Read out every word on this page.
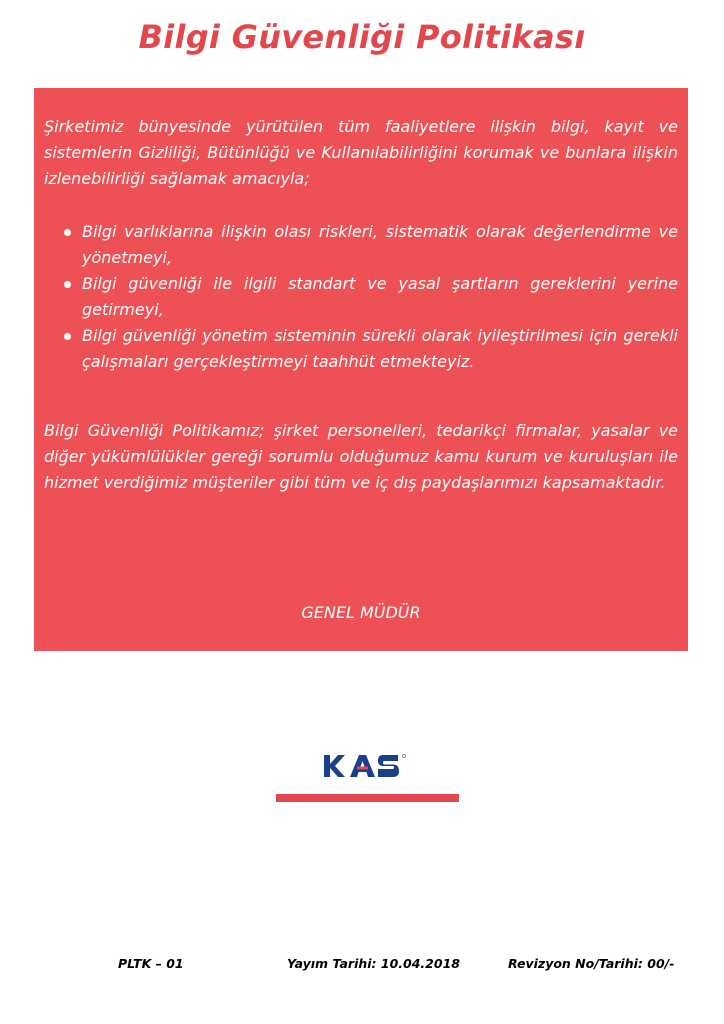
Bilgi Güvenliği Politikası

Şirketimiz bünyesinde yürütülen tüm faaliyetlere ilişkin bilgi, kayıt ve sistemlerin Gizliliği, Bütünlüğü ve Kullanılabilirliğini korumak ve bunlara ilişkin izlenebilirliği sağlamak amacıyla;

Bilgi varlıklarına ilişkin olası riskleri, sistematik olarak değerlendirme ve yönetmeyi,
Bilgi güvenliği ile ilgili standart ve yasal şartların gereklerini yerine getirmeyi,
Bilgi güvenliği yönetim sisteminin sürekli olarak iyileştirilmesi için gerekli çalışmaları gerçekleştirmeyi taahhüt etmekteyiz.

Bilgi Güvenliği Politikamız; şirket personelleri, tedarikçi firmalar, yasalar ve diğer yükümlülükler gereği sorumlu olduğumuz kamu kurum ve kuruluşları ile hizmet verdiğimiz müşteriler gibi tüm ve iç dış paydaşlarımızı kapsamaktadır.

GENEL MÜDÜR
PLTK – 01	Yayım Tarihi: 10.04.2018	Revizyon No/Tarihi: 00/-
